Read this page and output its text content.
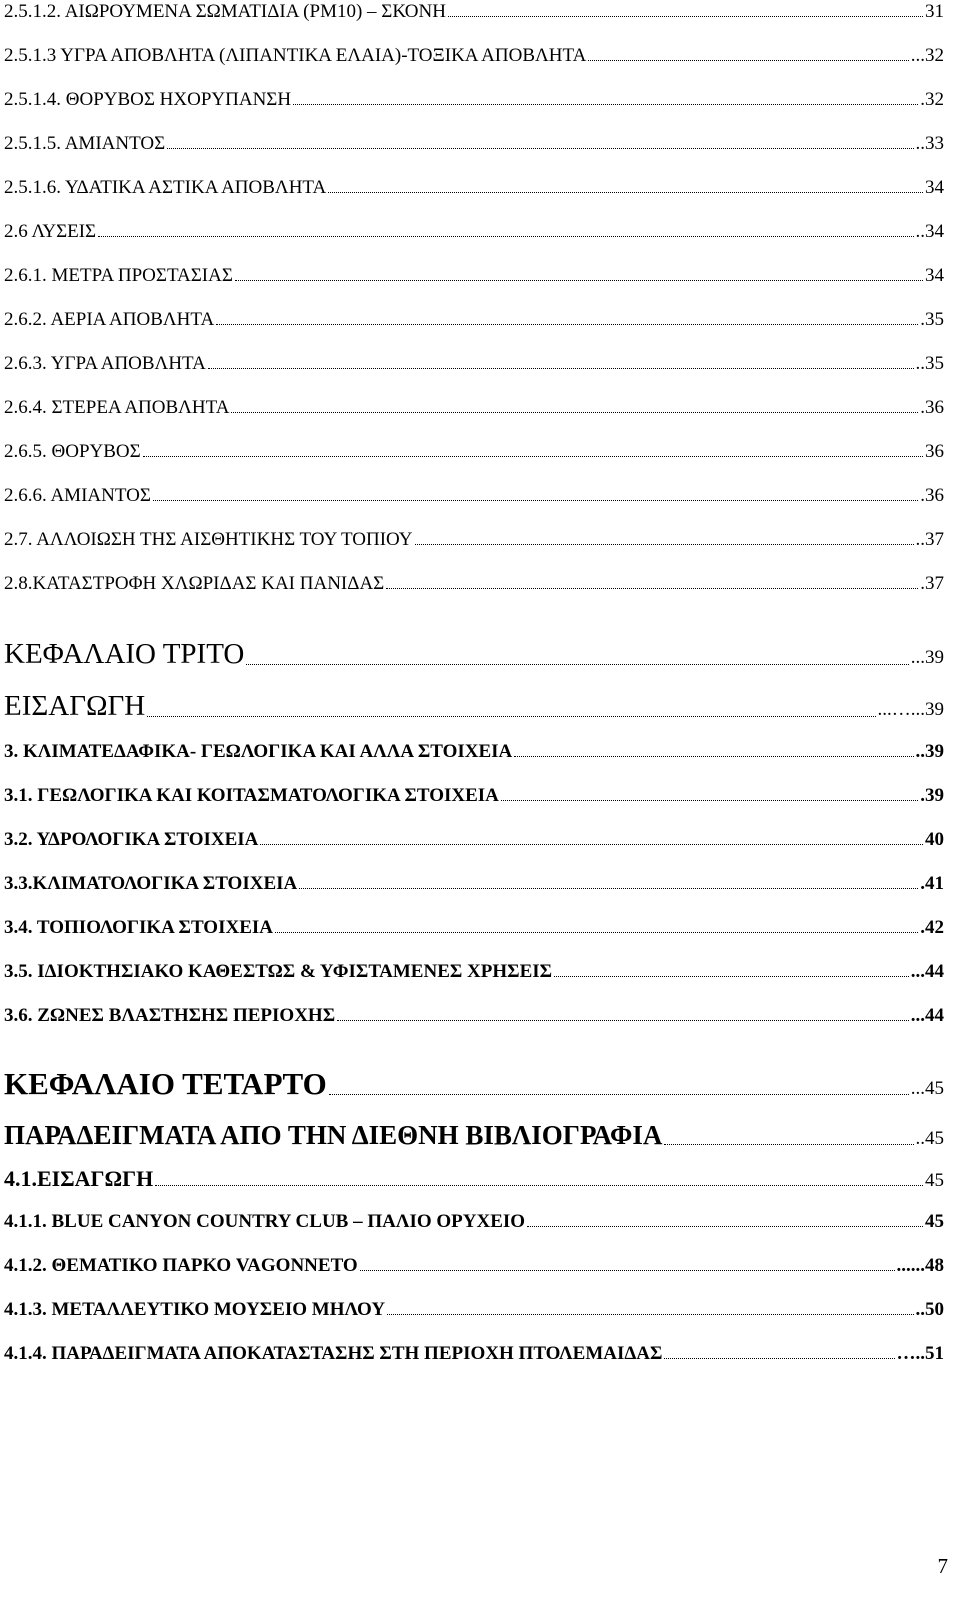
2.5.1.2. ΑΙΩΡΟΥΜΕΝΑ ΣΩΜΑΤΙΔΙΑ (PM10) – ΣΚΟΝΗ	31
2.5.1.3 ΥΓΡΑ ΑΠΟΒΛΗΤΑ (ΛΙΠΑΝΤΙΚΑ ΕΛΑΙΑ)-ΤΟΞΙΚΑ ΑΠΟΒΛΗΤΑ	...32
2.5.1.4. ΘΟΡΥΒΟΣ ΗΧΟΡΥΠΑΝΣΗ	.32
2.5.1.5. ΑΜΙΑΝΤΟΣ	..33
2.5.1.6. ΥΔΑΤΙΚΑ ΑΣΤΙΚΑ ΑΠΟΒΛΗΤΑ	34
2.6 ΛΥΣΕΙΣ	..34
2.6.1. ΜΕΤΡΑ ΠΡΟΣΤΑΣΙΑΣ	34
2.6.2. ΑΕΡΙΑ ΑΠΟΒΛΗΤΑ	.35
2.6.3. ΥΓΡΑ ΑΠΟΒΛΗΤΑ	..35
2.6.4. ΣΤΕΡΕΑ ΑΠΟΒΛΗΤΑ	.36
2.6.5. ΘΟΡΥΒΟΣ	36
2.6.6. ΑΜΙΑΝΤΟΣ	.36
2.7. ΑΛΛΟΙΩΣΗ ΤΗΣ ΑΙΣΘΗΤΙΚΗΣ ΤΟΥ ΤΟΠΙΟΥ	..37
2.8.ΚΑΤΑΣΤΡΟΦΗ ΧΛΩΡΙΔΑΣ ΚΑΙ ΠΑΝΙΔΑΣ	.37
ΚΕΦΑΛΑΙΟ ΤΡΙΤΟ	...39
ΕΙΣΑΓΩΓΗ	...…...39
3. ΚΛΙΜΑΤΕΔΑΦΙΚΑ- ΓΕΩΛΟΓΙΚΑ ΚΑΙ ΑΛΛΑ ΣΤΟΙΧΕΙΑ	..39
3.1. ΓΕΩΛΟΓΙΚΑ ΚΑΙ ΚΟΙΤΑΣΜΑΤΟΛΟΓΙΚΑ ΣΤΟΙΧΕΙΑ	.39
3.2. ΥΔΡΟΛΟΓΙΚΑ ΣΤΟΙΧΕΙΑ	40
3.3.ΚΛΙΜΑΤΟΛΟΓΙΚΑ ΣΤΟΙΧΕΙΑ	.41
3.4. ΤΟΠΙΟΛΟΓΙΚΑ ΣΤΟΙΧΕΙΑ	.42
3.5. ΙΔΙΟΚΤΗΣΙΑΚΟ ΚΑΘΕΣΤΩΣ & ΥΦΙΣΤΑΜΕΝΕΣ ΧΡΗΣΕΙΣ	...44
3.6. ΖΩΝΕΣ ΒΛΑΣΤΗΣΗΣ ΠΕΡΙΟΧΗΣ	...44
ΚΕΦΑΛΑΙΟ ΤΕΤΑΡΤΟ	...45
ΠΑΡΑΔΕΙΓΜΑΤΑ ΑΠΟ ΤΗΝ ΔΙΕΘΝΗ ΒΙΒΛΙΟΓΡΑΦΙΑ	..45
4.1.ΕΙΣΑΓΩΓΗ	45
4.1.1. BLUE CANYON COUNTRY CLUB – ΠΑΛΙΟ ΟΡΥΧΕΙΟ	45
4.1.2. ΘΕΜΑΤΙΚΟ ΠΑΡΚΟ VAGONNETO	......48
4.1.3. ΜΕΤΑΛΛΕΥΤΙΚΟ ΜΟΥΣΕΙΟ ΜΗΛΟΥ	..50
4.1.4. ΠΑΡΑΔΕΙΓΜΑΤΑ ΑΠΟΚΑΤΑΣΤΑΣΗΣ ΣΤΗ ΠΕΡΙΟΧΗ ΠΤΟΛΕΜΑΙΔΑΣ	…..51
7
